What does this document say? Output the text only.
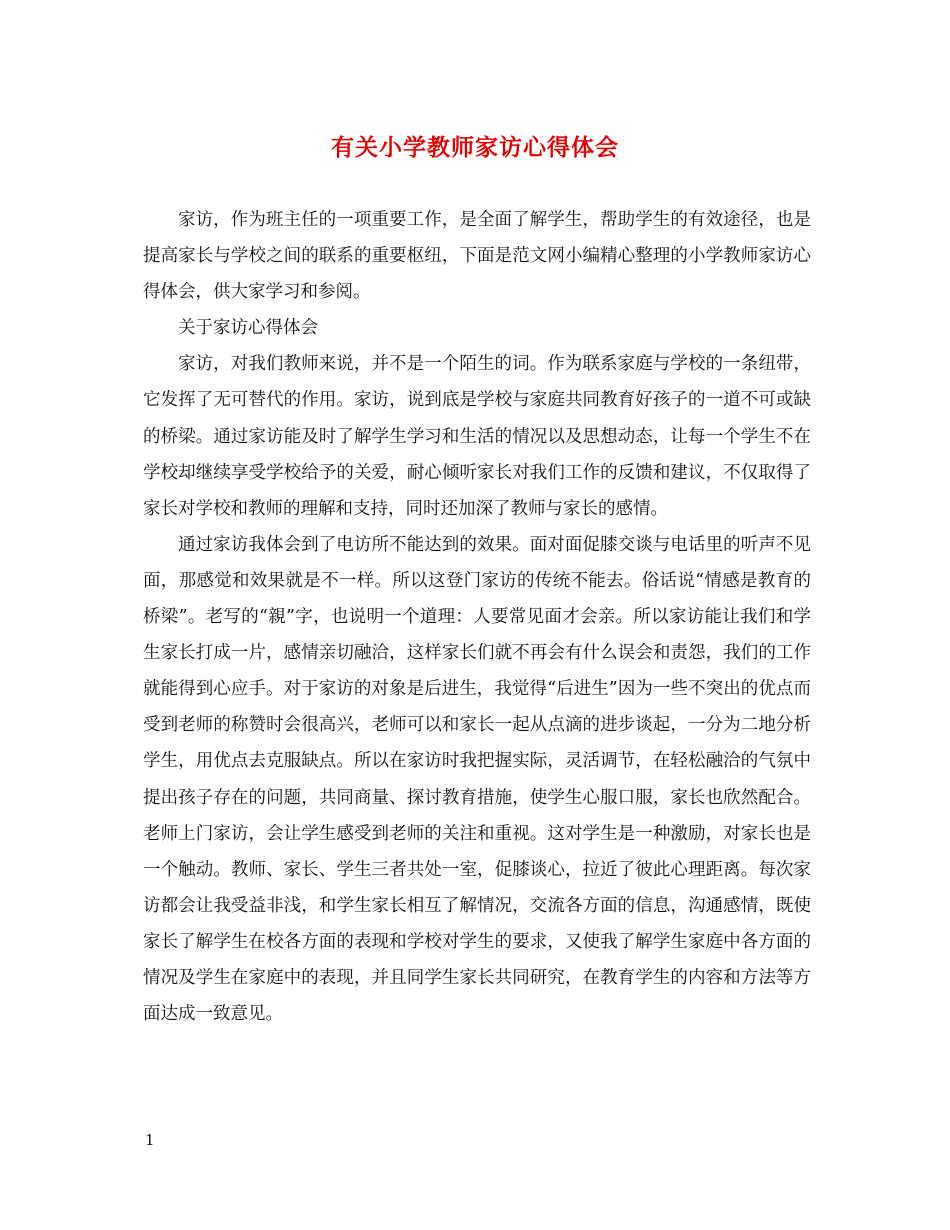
有关小学教师家访心得体会

家访，作为班主任的一项重要工作，是全面了解学生，帮助学生的有效途径，也是提高家长与学校之间的联系的重要枢纽，下面是范文网小编精心整理的小学教师家访心得体会，供大家学习和参阅。

关于家访心得体会

家访，对我们教师来说，并不是一个陌生的词。作为联系家庭与学校的一条纽带，它发挥了无可替代的作用。家访，说到底是学校与家庭共同教育好孩子的一道不可或缺的桥梁。通过家访能及时了解学生学习和生活的情况以及思想动态，让每一个学生不在学校却继续享受学校给予的关爱，耐心倾听家长对我们工作的反馈和建议，不仅取得了家长对学校和教师的理解和支持，同时还加深了教师与家长的感情。

通过家访我体会到了电访所不能达到的效果。面对面促膝交谈与电话里的听声不见面，那感觉和效果就是不一样。所以这登门家访的传统不能去。俗话说“情感是教育的桥梁”。老写的“親”字，也说明一个道理：人要常见面才会亲。所以家访能让我们和学生家长打成一片，感情亲切融洽，这样家长们就不再会有什么误会和责怨，我们的工作就能得到心应手。对于家访的对象是后进生，我觉得“后进生”因为一些不突出的优点而受到老师的称赞时会很高兴，老师可以和家长一起从点滴的进步谈起，一分为二地分析学生，用优点去克服缺点。所以在家访时我把握实际，灵活调节，在轻松融洽的气氛中提出孩子存在的问题，共同商量、探讨教育措施，使学生心服口服，家长也欣然配合。老师上门家访，会让学生感受到老师的关注和重视。这对学生是一种激励，对家长也是一个触动。教师、家长、学生三者共处一室，促膝谈心，拉近了彼此心理距离。每次家访都会让我受益非浅，和学生家长相互了解情况，交流各方面的信息，沟通感情，既使家长了解学生在校各方面的表现和学校对学生的要求，又使我了解学生家庭中各方面的情况及学生在家庭中的表现，并且同学生家长共同研究，在教育学生的内容和方法等方面达成一致意见。

1
